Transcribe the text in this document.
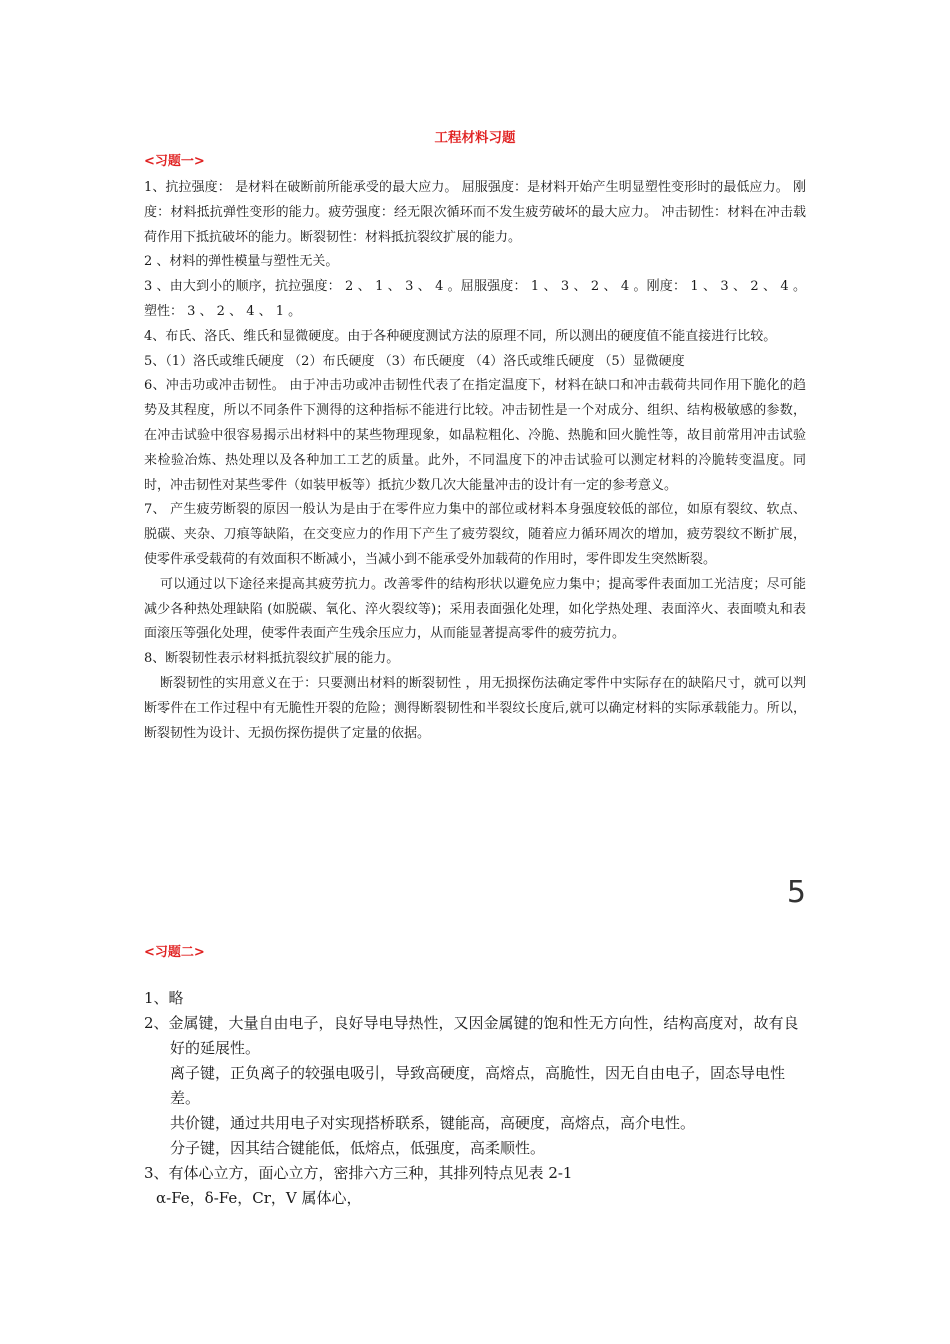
工程材料习题
<习题一>

1、抗拉强度： 是材料在破断前所能承受的最大应力。 屈服强度：是材料开始产生明显塑性变形时的最低应力。 刚度：材料抵抗弹性变形的能力。疲劳强度：经无限次循环而不发生疲劳破坏的最大应力。 冲击韧性：材料在冲击载荷作用下抵抗破坏的能力。断裂韧性：材料抵抗裂纹扩展的能力。

2 、材料的弹性模量与塑性无关。

3 、由大到小的顺序，抗拉强度： 2 、 1 、 3 、 4 。屈服强度： 1 、 3 、 2 、 4 。刚度： 1 、 3 、 2 、 4 。塑性： 3 、 2 、 4 、 1 。

4、布氏、洛氏、维氏和显微硬度。由于各种硬度测试方法的原理不同，所以测出的硬度值不能直接进行比较。

5、（1）洛氏或维氏硬度 （2）布氏硬度 （3）布氏硬度 （4）洛氏或维氏硬度 （5）显微硬度

6、冲击功或冲击韧性。 由于冲击功或冲击韧性代表了在指定温度下，材料在缺口和冲击载荷共同作用下脆化的趋势及其程度，所以不同条件下测得的这种指标不能进行比较。冲击韧性是一个对成分、组织、结构极敏感的参数，在冲击试验中很容易揭示出材料中的某些物理现象，如晶粒粗化、冷脆、热脆和回火脆性等，故目前常用冲击试验来检验冶炼、热处理以及各种加工工艺的质量。此外，不同温度下的冲击试验可以测定材料的冷脆转变温度。同时，冲击韧性对某些零件（如装甲板等）抵抗少数几次大能量冲击的设计有一定的参考意义。

7、 产生疲劳断裂的原因一般认为是由于在零件应力集中的部位或材料本身强度较低的部位，如原有裂纹、软点、脱碳、夹杂、刀痕等缺陷，在交变应力的作用下产生了疲劳裂纹，随着应力循环周次的增加，疲劳裂纹不断扩展，使零件承受载荷的有效面积不断减小，当减小到不能承受外加载荷的作用时，零件即发生突然断裂。

可以通过以下途径来提高其疲劳抗力。改善零件的结构形状以避免应力集中；提高零件表面加工光洁度；尽可能减少各种热处理缺陷 (如脱碳、氧化、淬火裂纹等)；采用表面强化处理，如化学热处理、表面淬火、表面喷丸和表面滚压等强化处理，使零件表面产生残余压应力，从而能显著提高零件的疲劳抗力。

8、断裂韧性表示材料抵抗裂纹扩展的能力。

断裂韧性的实用意义在于：只要测出材料的断裂韧性 ，用无损探伤法确定零件中实际存在的缺陷尺寸，就可以判断零件在工作过程中有无脆性开裂的危险；测得断裂韧性和半裂纹长度后,就可以确定材料的实际承载能力。所以，断裂韧性为设计、无损伤探伤提供了定量的依据。

5
<习题二>

1、略

2、金属键，大量自由电子，良好导电导热性，又因金属键的饱和性无方向性，结构高度对，故有良好的延展性。

离子键，正负离子的较强电吸引，导致高硬度，高熔点，高脆性，因无自由电子，固态导电性差。

共价键，通过共用电子对实现搭桥联系，键能高，高硬度，高熔点，高介电性。

分子键，因其结合键能低，低熔点，低强度，高柔顺性。

3、有体心立方，面心立方，密排六方三种，其排列特点见表 2-1

α-Fe，δ-Fe，Cr，V 属体心，
